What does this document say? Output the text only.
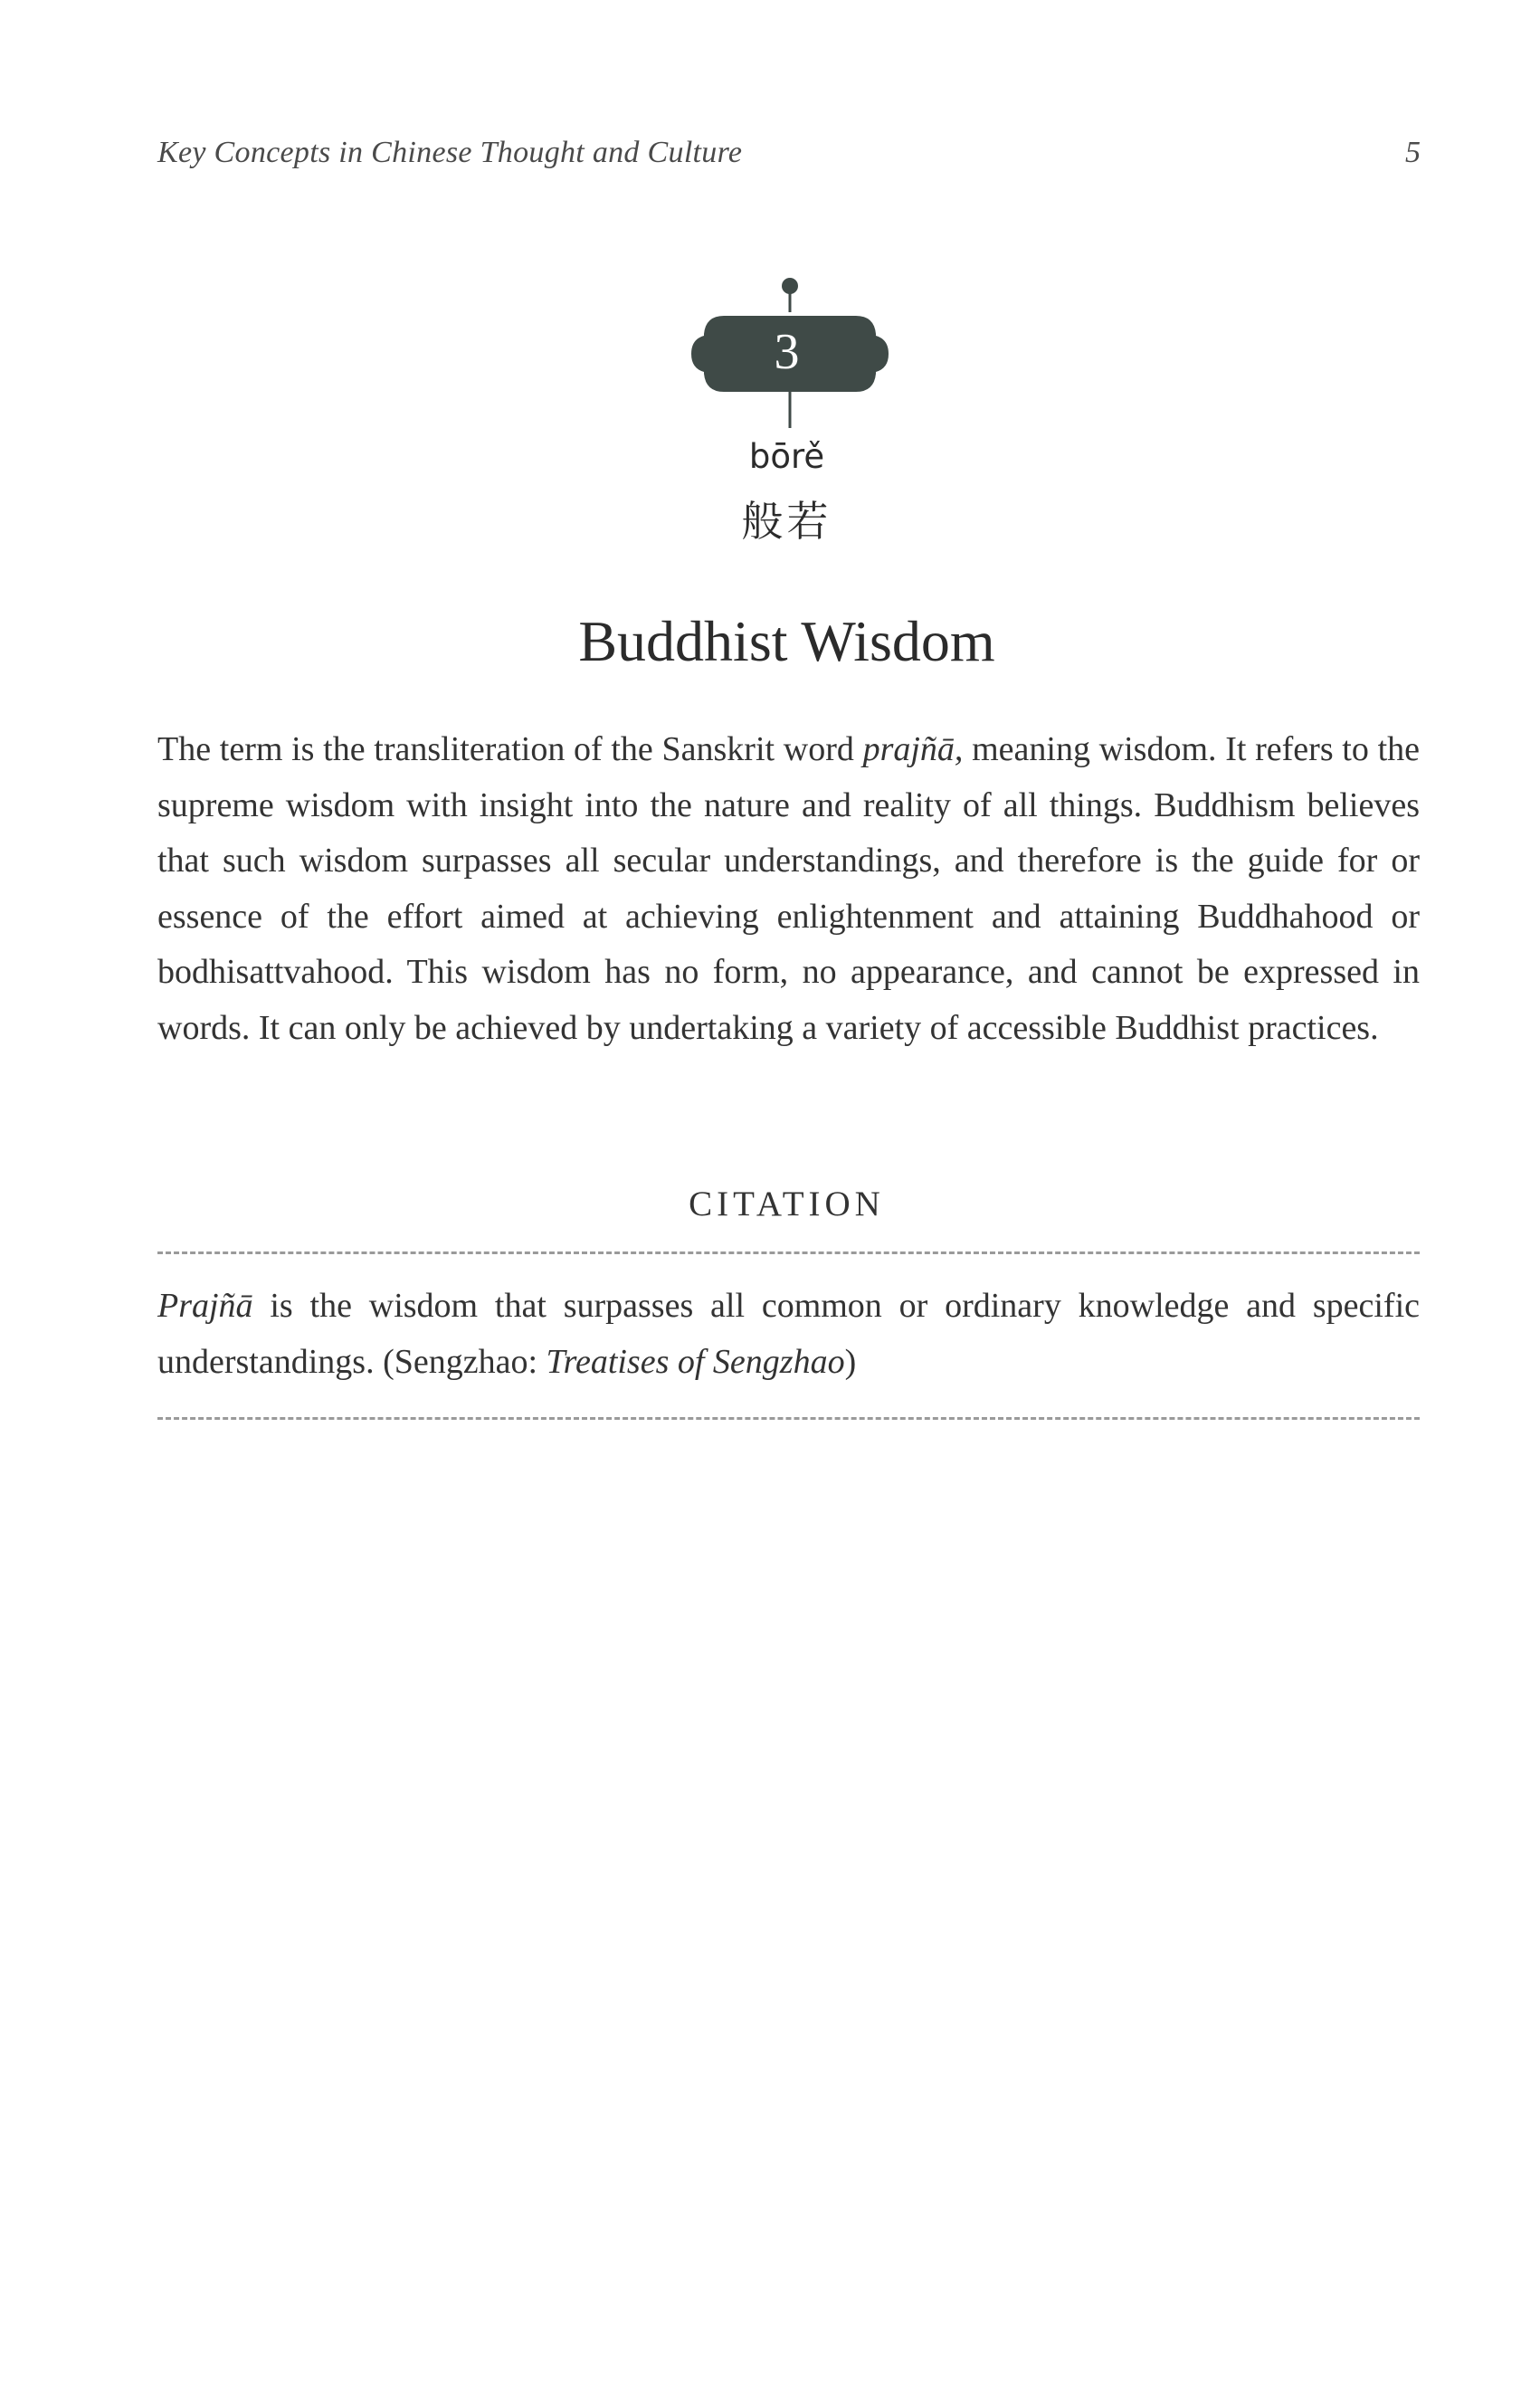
Key Concepts in Chinese Thought and Culture	5
3
bōrě
般若
Buddhist Wisdom
The term is the transliteration of the Sanskrit word prajñā, meaning wisdom. It refers to the supreme wisdom with insight into the nature and reality of all things. Buddhism believes that such wisdom surpasses all secular understandings, and therefore is the guide for or essence of the effort aimed at achieving enlightenment and attaining Buddhahood or bodhisattvahood. This wisdom has no form, no appearance, and cannot be expressed in words. It can only be achieved by undertaking a variety of accessible Buddhist practices.
CITATION
Prajñā is the wisdom that surpasses all common or ordinary knowledge and specific understandings. (Sengzhao: Treatises of Sengzhao)
